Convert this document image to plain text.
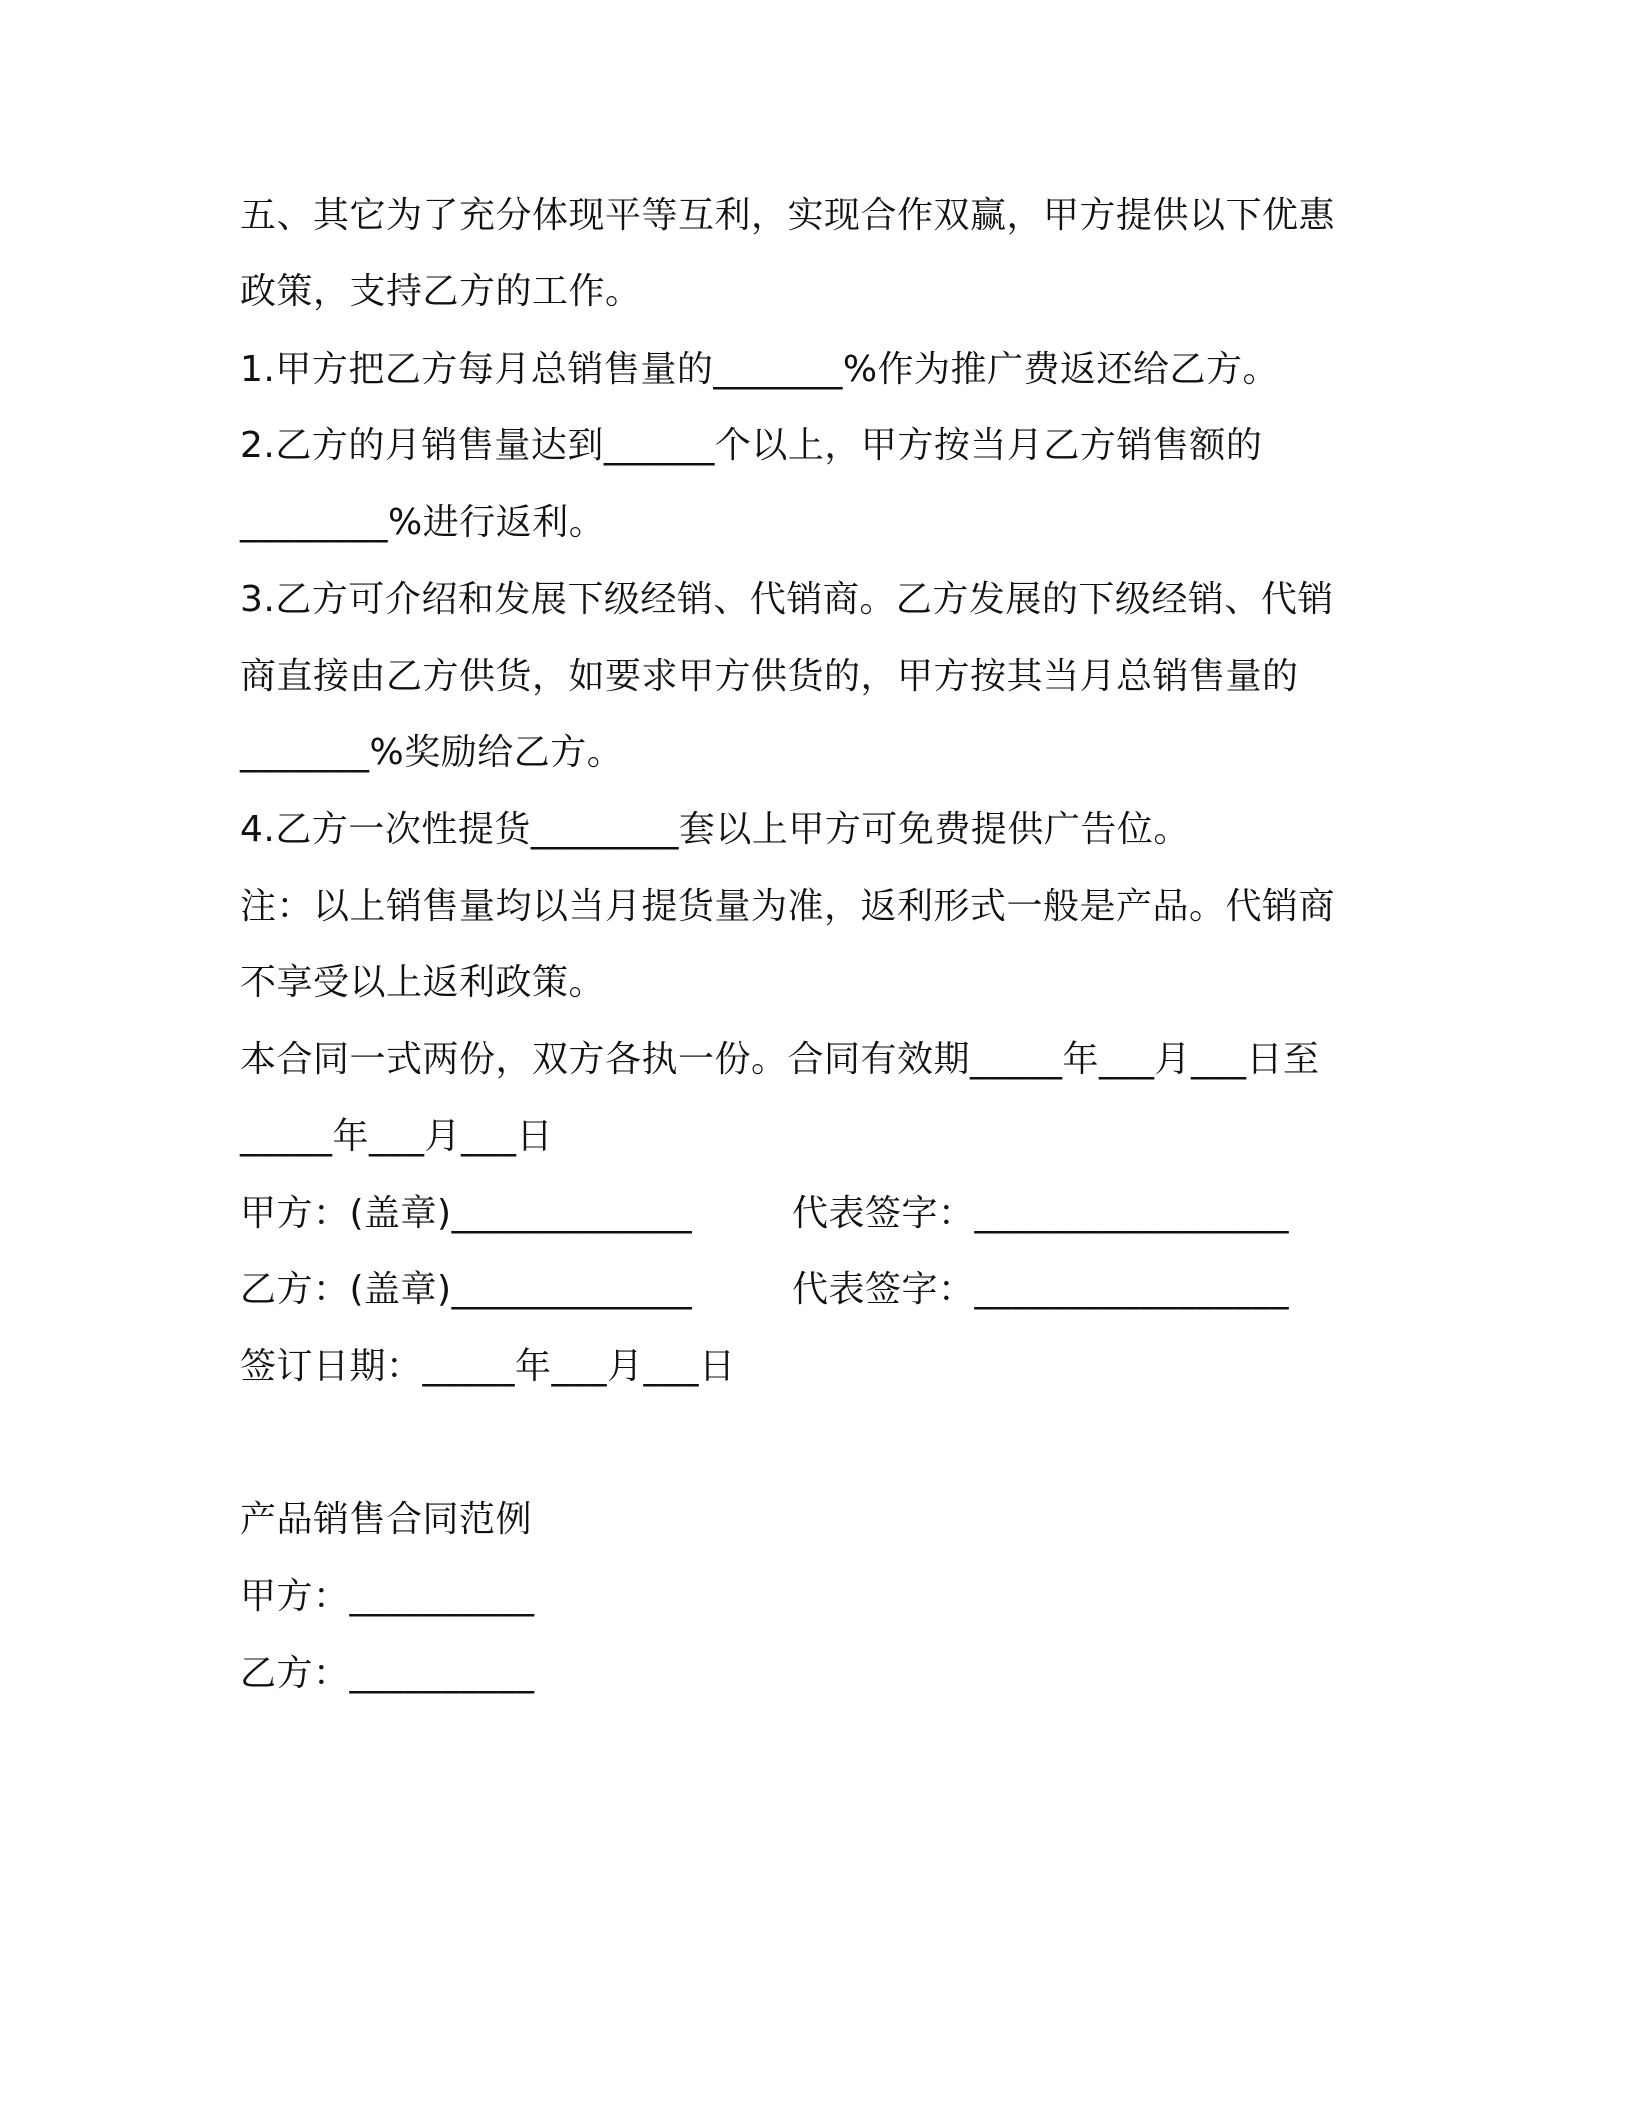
五、其它为了充分体现平等互利，实现合作双赢，甲方提供以下优惠
政策，支持乙方的工作。
1.甲方把乙方每月总销售量的_______%作为推广费返还给乙方。
2.乙方的月销售量达到______个以上，甲方按当月乙方销售额的
________%进行返利。
3.乙方可介绍和发展下级经销、代销商。乙方发展的下级经销、代销
商直接由乙方供货，如要求甲方供货的，甲方按其当月总销售量的
_______%奖励给乙方。
4.乙方一次性提货________套以上甲方可免费提供广告位。
注：以上销售量均以当月提货量为准，返利形式一般是产品。代销商
不享受以上返利政策。
本合同一式两份，双方各执一份。合同有效期_____年___月___日至
_____年___月___日
甲方：(盖章)_____________	代表签字：_________________
乙方：(盖章)_____________	代表签字：_________________
签订日期：_____年___月___日
产品销售合同范例
甲方：__________
乙方：__________
